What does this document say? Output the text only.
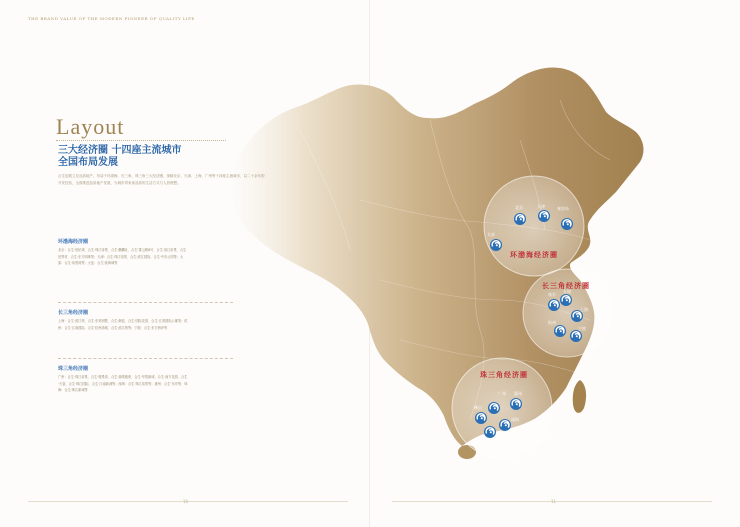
THE BRAND VALUE OF THE MODERN PIONEER OF QUALITY LIFE
北京	天津	秦皇岛
太原
南京
无锡
上海
杭州
宁波
广州 惠州
佛山
深圳
珠海
环渤海经济圈
长三角经济圈
珠三角经济圈
Layout
三大经济圈 十四座主流城市
全国布局发展
合生创展立足品质地产，布局于环渤海、长三角、珠三角三大经济圈，深耕北京、天津、上海、广州等十四座主流城市，以二十余年的开发经验，全面推进品质地产发展，为城市带来高品质的生活方式与人居理想。
环渤海经济圈
北京：合生·世纪城、合生·珠江帝景、合生·麒麟社、合生·霄云路8号、合生·滨江帝景、合生·世界村、合生·东方明珠等；天津：合生·珠江帝景、合生·滨江国际、合生·中央公园等；太原：合生·帝景湾等；大连：合生·滨海城等
长三角经济圈
上海：合生·滨江苑、合生·东郊别墅、合生·御廷、合生·国际花园、合生·江湾国际公寓等；杭州：合生·江南国际、合生·杭州湾城、合生·滨江苑等；宁波：合生·东方海岸等
珠三角经济圈
广州：合生·珠江帝景、合生·骏景湾、合生·愉景雅苑、合生·华景新城、合生·南方花园、合生·天銮、合生·珠江国际、合生·江南新城等；深圳：合生·珠江帝景等；惠州：合生·东岸等；珠海：合生·珠江新城等
10	11
